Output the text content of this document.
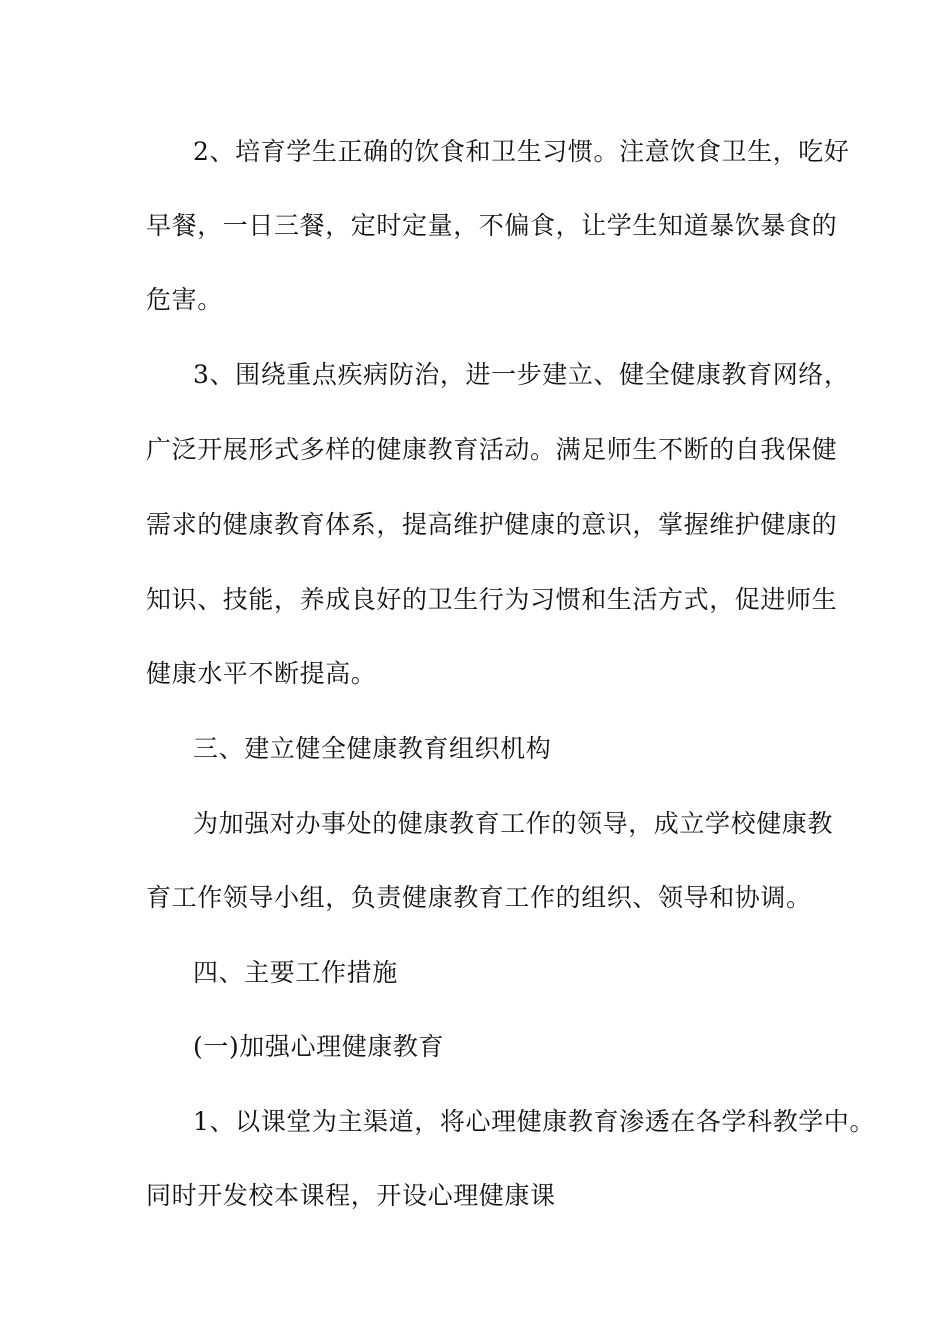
2、培育学生正确的饮食和卫生习惯。注意饮食卫生，吃好
早餐，一日三餐，定时定量，不偏食，让学生知道暴饮暴食的
危害。
3、围绕重点疾病防治，进一步建立、健全健康教育网络，
广泛开展形式多样的健康教育活动。满足师生不断的自我保健
需求的健康教育体系，提高维护健康的意识，掌握维护健康的
知识、技能，养成良好的卫生行为习惯和生活方式，促进师生
健康水平不断提高。
三、建立健全健康教育组织机构
为加强对办事处的健康教育工作的领导，成立学校健康教
育工作领导小组，负责健康教育工作的组织、领导和协调。
四、主要工作措施
(一)加强心理健康教育
1、以课堂为主渠道，将心理健康教育渗透在各学科教学中。
同时开发校本课程，开设心理健康课
